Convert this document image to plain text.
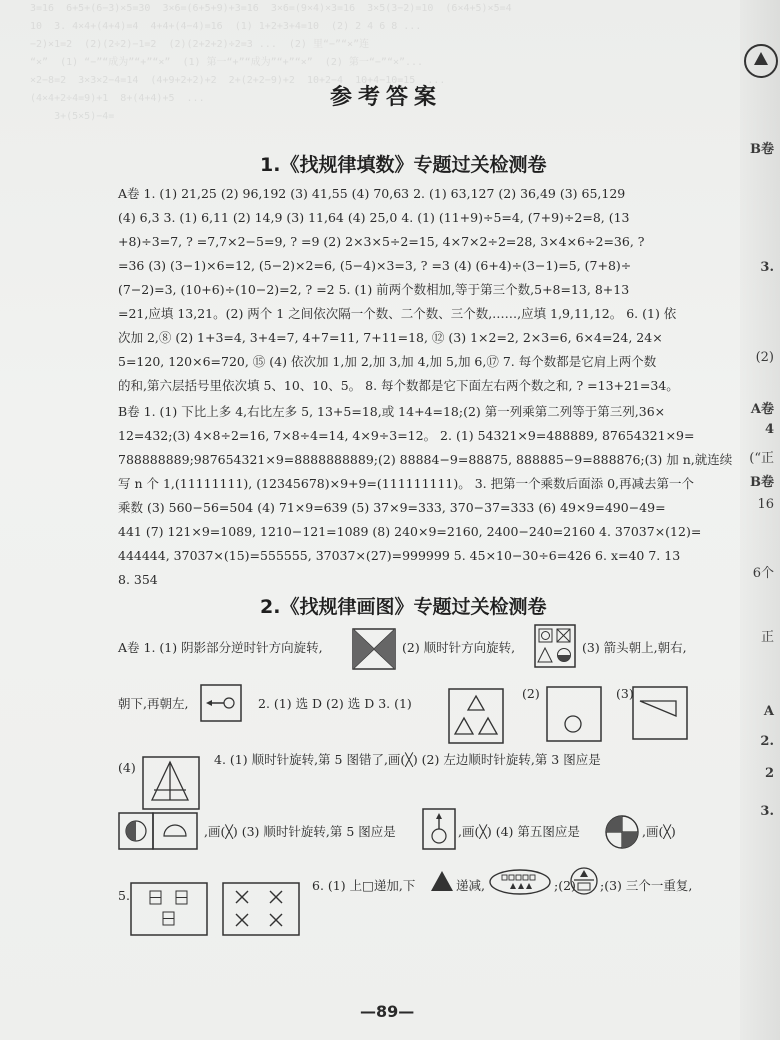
3=16  6+5+(6−3)×5=30  3×6=(6+5+9)+3=16  3×6=(9×4)×3=16  3×5(3−2)=10  (6×4+5)×5=4
10  3. 4×4+(4+4)=4  4+4+(4−4)=16  (1) 1+2+3+4=10  (2) 2 4 6 8 ...
−2)×1=2  (2)(2÷2)−1=2  (2)(2+2+2)÷2=3 ...  (2) 里“−”“×”连
“×”  (1) “−”“成为”“+”“×”  (1) 第一“+”“成为”“+”“×”  (2) 第一“−”“×”...
×2−8=2  3×3×2−4=14  (4+9+2+2)+2  2+(2+2−9)+2  10+2−4  10+4−10=15  ...
(4×4+2÷4=9)+1  8+(4+4)+5  ...
3+(5×5)−4=
B卷
3.
(2)
A卷
4
(“正
B卷
16
6个
正
A
2.
2
3.
参考答案
1.《找规律填数》专题过关检测卷
A卷 1. (1) 21,25 (2) 96,192 (3) 41,55 (4) 70,63 2. (1) 63,127 (2) 36,49 (3) 65,129
(4) 6,3 3. (1) 6,11 (2) 14,9 (3) 11,64 (4) 25,0 4. (1) (11+9)÷5=4, (7+9)÷2=8, (13
+8)÷3=7, ? =7,7×2−5=9, ? =9 (2) 2×3×5÷2=15, 4×7×2÷2=28, 3×4×6÷2=36, ?
=36 (3) (3−1)×6=12, (5−2)×2=6, (5−4)×3=3, ? =3 (4) (6+4)÷(3−1)=5, (7+8)÷
(7−2)=3, (10+6)÷(10−2)=2, ? =2 5. (1) 前两个数相加,等于第三个数,5+8=13, 8+13
=21,应填 13,21。(2) 两个 1 之间依次隔一个数、二个数、三个数,……,应填 1,9,11,12。 6. (1) 依
次加 2,⑧ (2) 1+3=4, 3+4=7, 4+7=11, 7+11=18, ⑫ (3) 1×2=2, 2×3=6, 6×4=24, 24×
5=120, 120×6=720, ⑮ (4) 依次加 1,加 2,加 3,加 4,加 5,加 6,⑰ 7. 每个数都是它肩上两个数
的和,第六层括号里依次填 5、10、10、5。 8. 每个数都是它下面左右两个数之和, ? =13+21=34。
B卷 1. (1) 下比上多 4,右比左多 5, 13+5=18,或 14+4=18;(2) 第一列乘第二列等于第三列,36×
12=432;(3) 4×8÷2=16, 7×8÷4=14, 4×9÷3=12。 2. (1) 54321×9=488889, 87654321×9=
788888889;987654321×9=8888888889;(2) 88884−9=88875, 888885−9=888876;(3) 加 n,就连续
写 n 个 1,(11111111), (12345678)×9+9=(111111111)。 3. 把第一个乘数后面添 0,再减去第一个
乘数 (3) 560−56=504 (4) 71×9=639 (5) 37×9=333, 370−37=333 (6) 49×9=490−49=
441 (7) 121×9=1089, 1210−121=1089 (8) 240×9=2160, 2400−240=2160 4. 37037×(12)=
444444, 37037×(15)=555555, 37037×(27)=999999 5. 45×10−30÷6=426 6. x=40 7. 13
8. 354
2.《找规律画图》专题过关检测卷
A卷 1. (1) 阴影部分逆时针方向旋转,	(2) 顺时针方向旋转,	(3) 箭头朝上,朝右,
朝下,再朝左,	2. (1) 选 D (2) 选 D 3. (1)
(2)	(3)
(4)
4. (1) 顺时针旋转,第 5 图错了,画(╳) (2) 左边顺时针旋转,第 3 图应是
,画(╳) (3) 顺时针旋转,第 5 图应是	,画(╳) (4) 第五图应是	,画(╳)
5.
6. (1) 上□递加,下	递减,	;(2) ;(3) 三个一重复,
—89—
